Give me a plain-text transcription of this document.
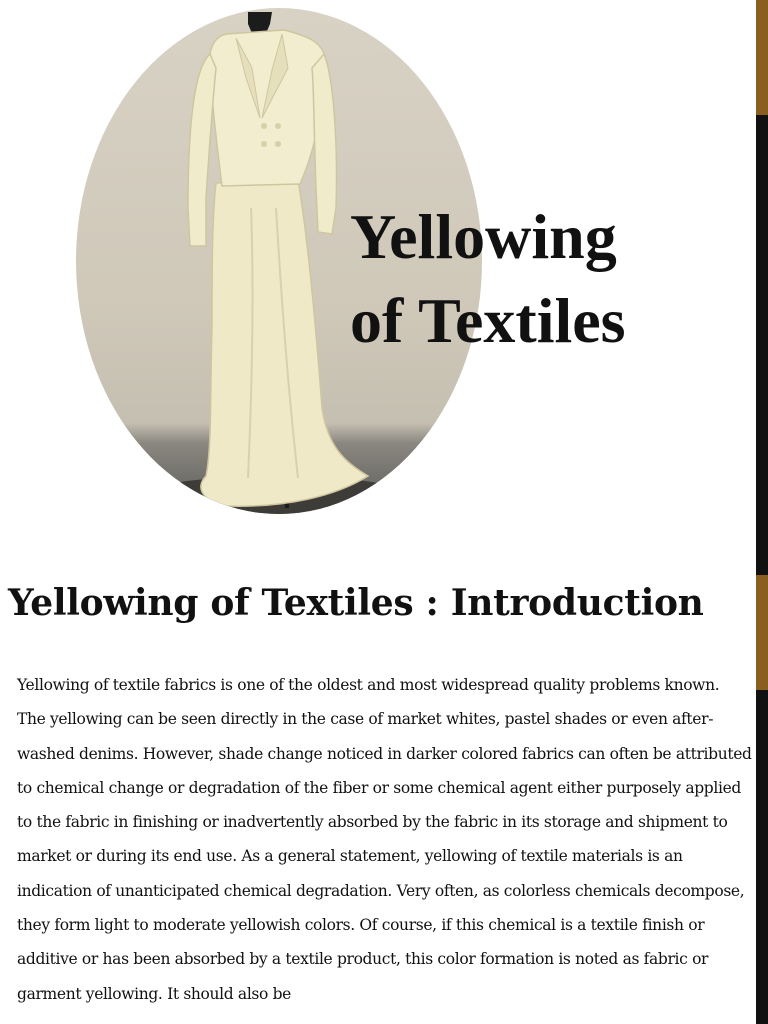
Yellowing
of Textiles
Yellowing of Textiles : Introduction

Yellowing of textile fabrics is one of the oldest and most widespread quality problems known. The yellowing can be seen directly in the case of market whites, pastel shades or even after-washed denims. However, shade change noticed in darker colored fabrics can often be attributed to chemical change or degradation of the fiber or some chemical agent either purposely applied to the fabric in finishing or inadvertently absorbed by the fabric in its storage and shipment to market or during its end use. As a general statement, yellowing of textile materials is an indication of unanticipated chemical degradation. Very often, as colorless chemicals decompose, they form light to moderate yellowish colors. Of course, if this chemical is a textile finish or additive or has been absorbed by a textile product, this color formation is noted as fabric or garment yellowing. It should also be
